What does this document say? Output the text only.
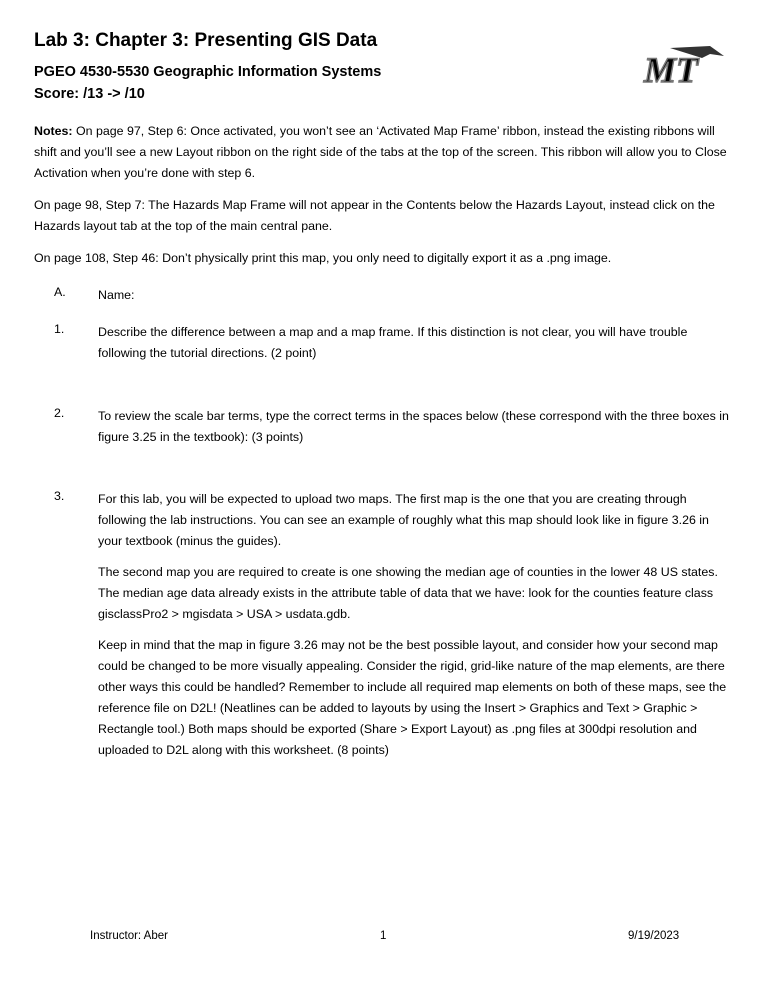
Lab 3: Chapter 3: Presenting GIS Data
PGEO 4530-5530 Geographic Information Systems
Score: /13 -> /10
MT

Notes: On page 97, Step 6: Once activated, you won’t see an ‘Activated Map Frame’ ribbon, instead the existing ribbons will shift and you’ll see a new Layout ribbon on the right side of the tabs at the top of the screen. This ribbon will allow you to Close Activation when you’re done with step 6.

On page 98, Step 7: The Hazards Map Frame will not appear in the Contents below the Hazards Layout, instead click on the Hazards layout tab at the top of the main central pane.

On page 108, Step 46: Don’t physically print this map, you only need to digitally export it as a .png image.

A.	Name:

1.	Describe the difference between a map and a map frame. If this distinction is not clear, you will have trouble following the tutorial directions. (2 point)

2.	To review the scale bar terms, type the correct terms in the spaces below (these correspond with the three boxes in figure 3.25 in the textbook): (3 points)

3.	For this lab, you will be expected to upload two maps. The first map is the one that you are creating through following the lab instructions. You can see an example of roughly what this map should look like in figure 3.26 in your textbook (minus the guides).

The second map you are required to create is one showing the median age of counties in the lower 48 US states. The median age data already exists in the attribute table of data that we have: look for the counties feature class gisclassPro2 > mgisdata > USA > usdata.gdb.

Keep in mind that the map in figure 3.26 may not be the best possible layout, and consider how your second map could be changed to be more visually appealing. Consider the rigid, grid-like nature of the map elements, are there other ways this could be handled? Remember to include all required map elements on both of these maps, see the reference file on D2L! (Neatlines can be added to layouts by using the Insert > Graphics and Text > Graphic > Rectangle tool.) Both maps should be exported (Share > Export Layout) as .png files at 300dpi resolution and uploaded to D2L along with this worksheet. (8 points)

Instructor: Aber	1	9/19/2023
